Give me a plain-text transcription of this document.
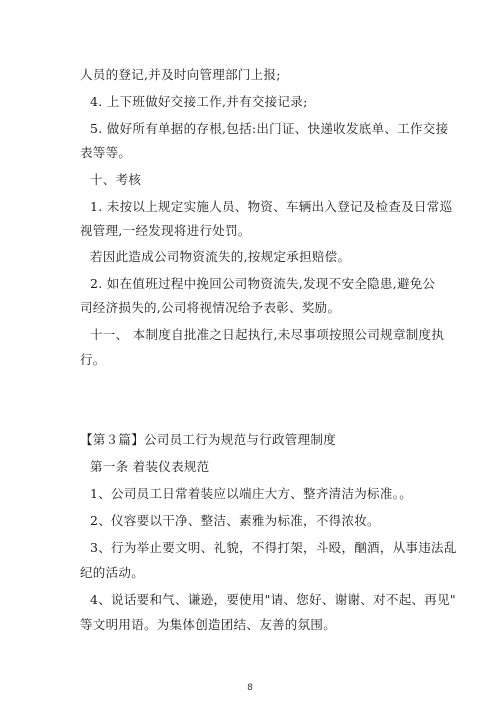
人员的登记,并及时向管理部门上报;
4. 上下班做好交接工作,并有交接记录;
5. 做好所有单据的存根,包括:出门证、快递收发底单、工作交接
表等等。
十、考核
1. 未按以上规定实施人员、物资、车辆出入登记及检查及日常巡
视管理,一经发现将进行处罚。
若因此造成公司物资流失的,按规定承担赔偿。
2. 如在值班过程中挽回公司物资流失,发现不安全隐患,避免公
司经济损失的,公司将视情况给予表彰、奖励。
十一、 本制度自批准之日起执行,未尽事项按照公司规章制度执
行。
【第３篇】公司员工行为规范与行政管理制度
第一条 着装仪表规范
1、公司员工日常着装应以端庄大方、整齐清洁为标准。。
2、仪容要以干净、整洁、素雅为标准，不得浓妆。
3、行为举止要文明、礼貌，不得打架，斗殴，酗酒，从事违法乱
纪的活动。
4、说话要和气、谦逊，要使用"请、您好、谢谢、对不起、再见"
等文明用语。为集体创造团结、友善的氛围。
8
